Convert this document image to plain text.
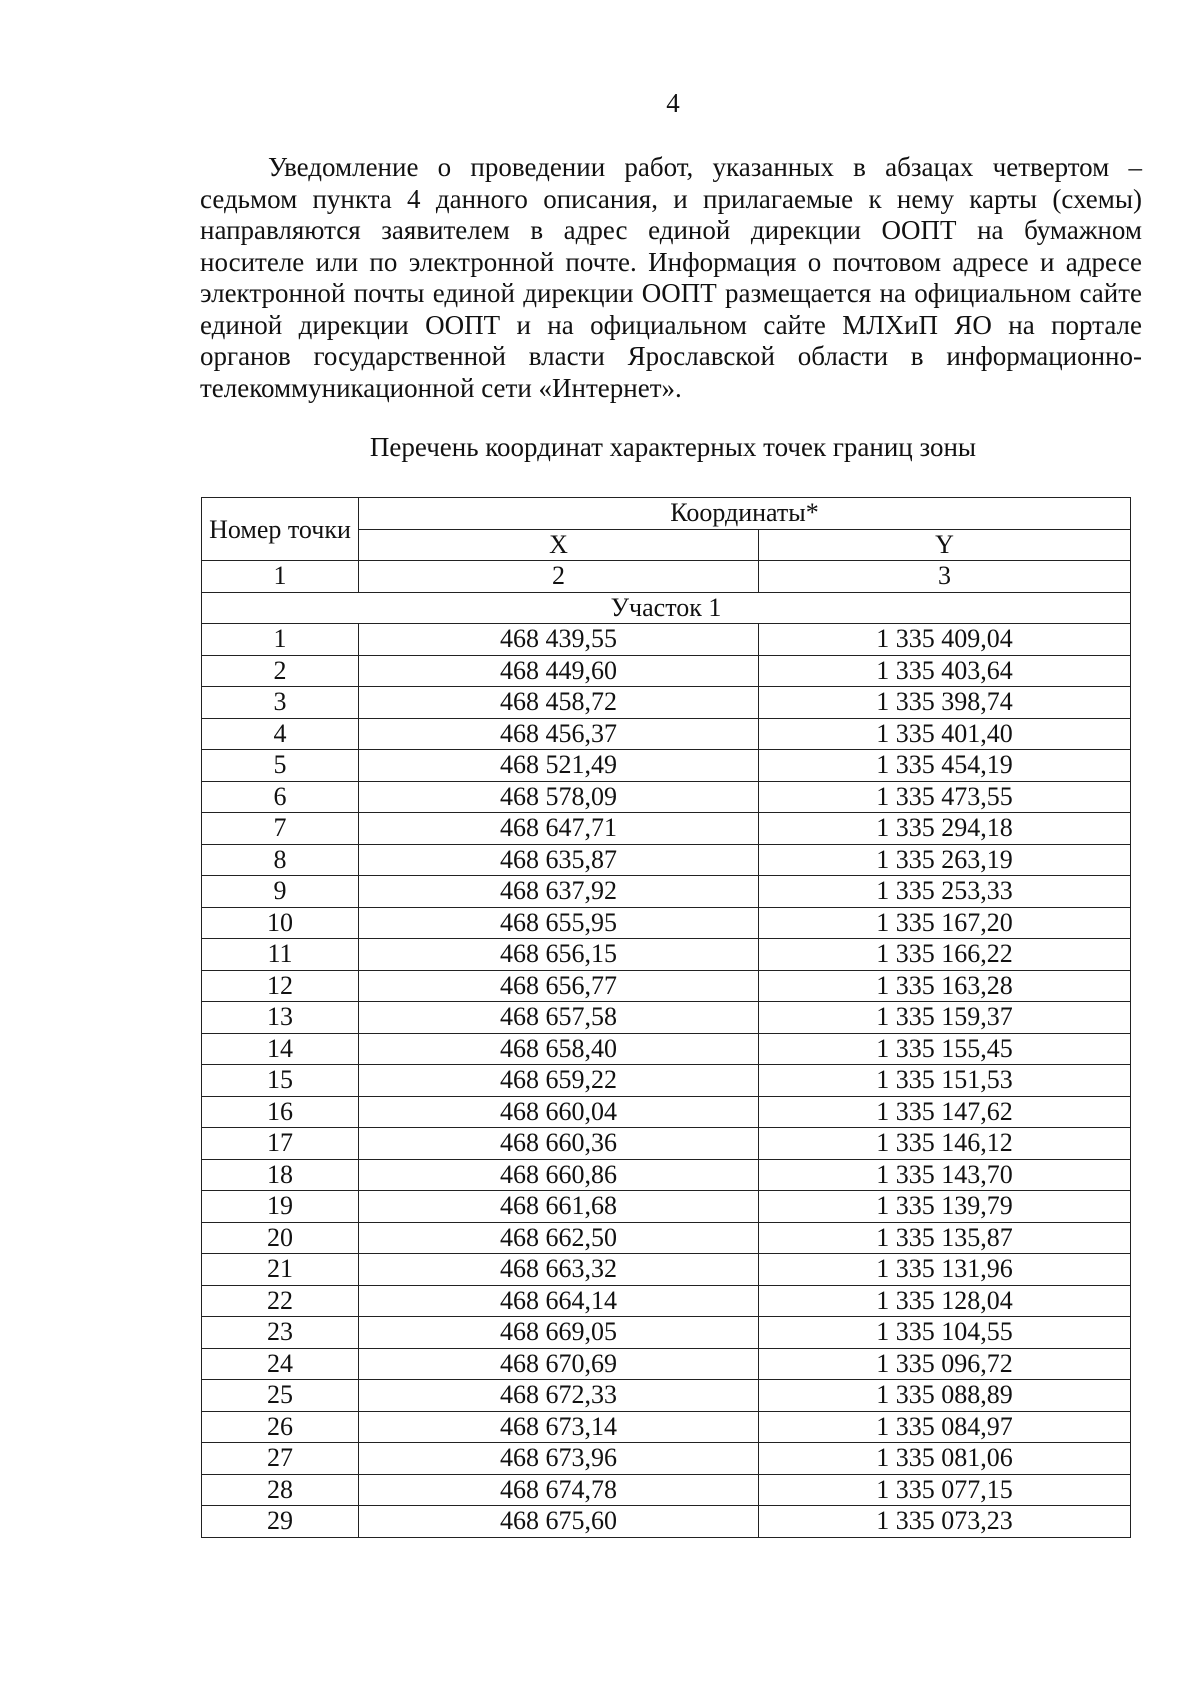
4

Уведомление о проведении работ, указанных в абзацах четвертом – седьмом пункта 4 данного описания, и прилагаемые к нему карты (схемы) направляются заявителем в адрес единой дирекции ООПТ на бумажном носителе или по электронной почте. Информация о почтовом адресе и адресе электронной почты единой дирекции ООПТ размещается на официальном сайте единой дирекции ООПТ и на официальном сайте МЛХиП ЯО на портале органов государственной власти Ярославской области в информационно-телекоммуникационной сети «Интернет».

Перечень координат характерных точек границ зоны
Номер точки	Координаты*	
	X	Y
1	2	3
Участок 1		
1	468 439,55	1 335 409,04
2	468 449,60	1 335 403,64
3	468 458,72	1 335 398,74
4	468 456,37	1 335 401,40
5	468 521,49	1 335 454,19
6	468 578,09	1 335 473,55
7	468 647,71	1 335 294,18
8	468 635,87	1 335 263,19
9	468 637,92	1 335 253,33
10	468 655,95	1 335 167,20
11	468 656,15	1 335 166,22
12	468 656,77	1 335 163,28
13	468 657,58	1 335 159,37
14	468 658,40	1 335 155,45
15	468 659,22	1 335 151,53
16	468 660,04	1 335 147,62
17	468 660,36	1 335 146,12
18	468 660,86	1 335 143,70
19	468 661,68	1 335 139,79
20	468 662,50	1 335 135,87
21	468 663,32	1 335 131,96
22	468 664,14	1 335 128,04
23	468 669,05	1 335 104,55
24	468 670,69	1 335 096,72
25	468 672,33	1 335 088,89
26	468 673,14	1 335 084,97
27	468 673,96	1 335 081,06
28	468 674,78	1 335 077,15
29	468 675,60	1 335 073,23
